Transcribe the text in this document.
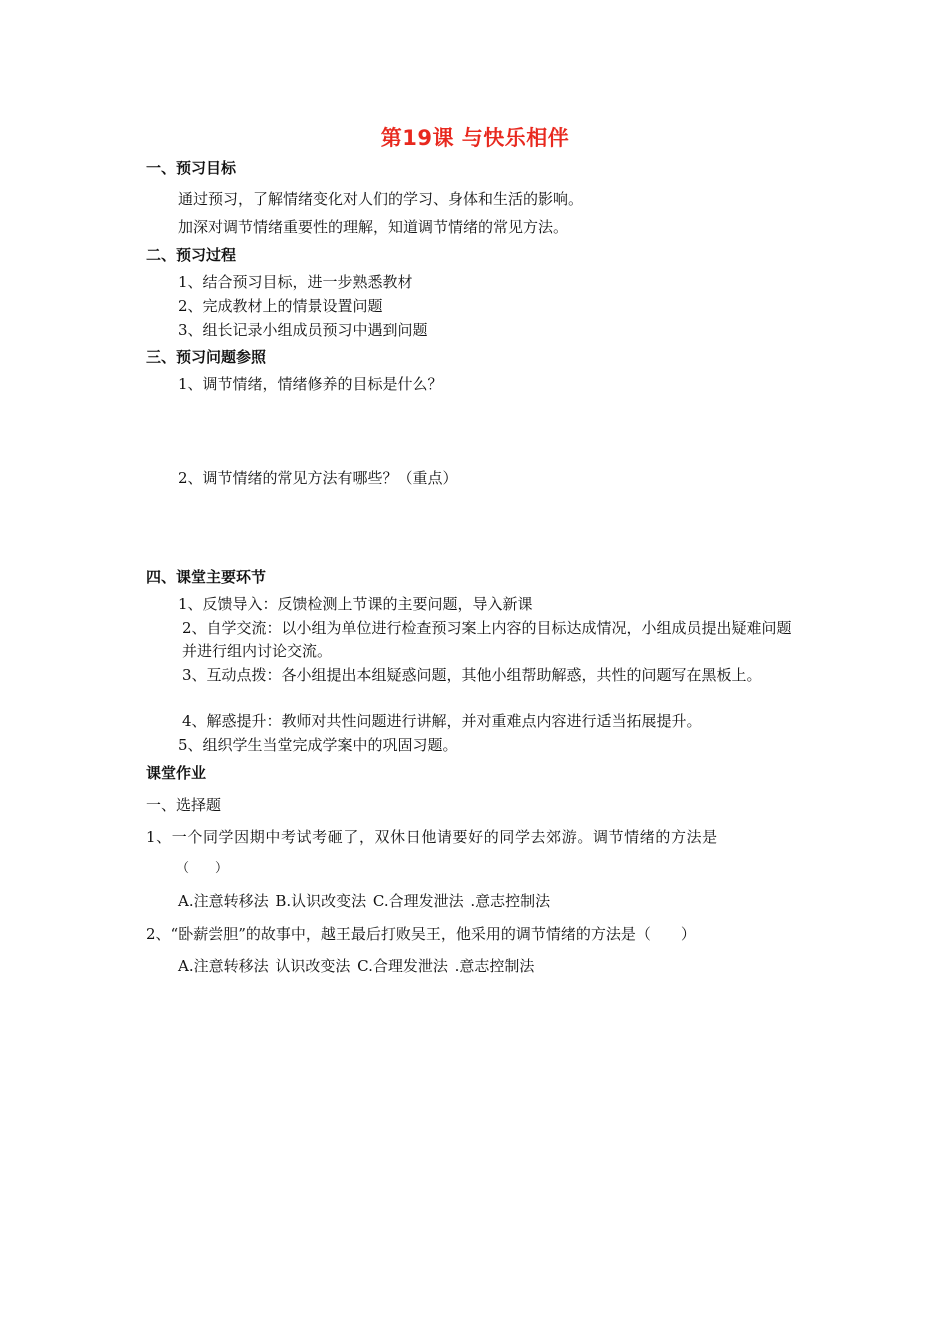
第19课 与快乐相伴
一、预习目标
通过预习，了解情绪变化对人们的学习、身体和生活的影响。
加深对调节情绪重要性的理解，知道调节情绪的常见方法。
二、预习过程
1、结合预习目标，进一步熟悉教材
2、完成教材上的情景设置问题
3、组长记录小组成员预习中遇到问题
三、预习问题参照
1、调节情绪，情绪修养的目标是什么？
2、调节情绪的常见方法有哪些？（重点）
四、课堂主要环节
1、反馈导入：反馈检测上节课的主要问题，导入新课
2、自学交流：以小组为单位进行检查预习案上内容的目标达成情况，小组成员提出疑难问题 并进行组内讨论交流。
3、互动点拨：各小组提出本组疑惑问题，其他小组帮助解惑，共性的问题写在黑板上。
4、解惑提升：教师对共性问题进行讲解，并对重难点内容进行适当拓展提升。
5、组织学生当堂完成学案中的巩固习题。
课堂作业
一、选择题
1、一个同学因期中考试考砸了，双休日他请要好的同学去郊游。调节情绪的方法是
（　　）
A.注意转移法 B.认识改变法 C.合理发泄法 .意志控制法
2、“卧薪尝胆”的故事中，越王最后打败吴王，他采用的调节情绪的方法是（　　）
A.注意转移法 认识改变法 C.合理发泄法 .意志控制法
